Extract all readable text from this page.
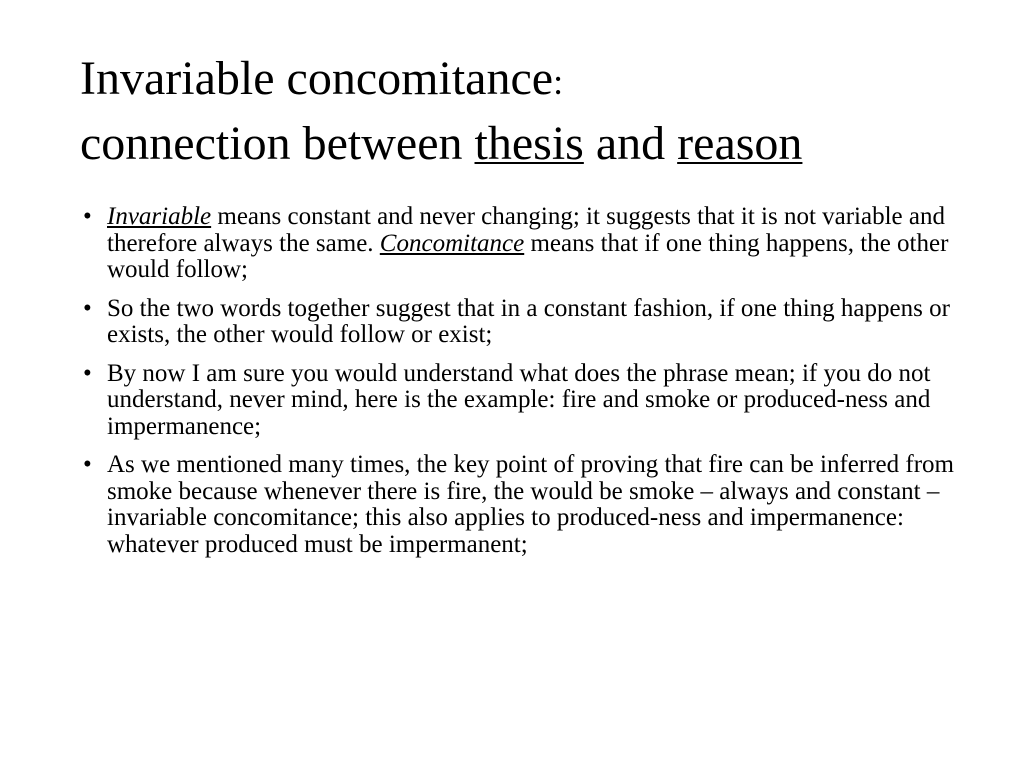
Invariable concomitance:
connection between thesis and reason
• Invariable means constant and never changing; it suggests that it is not variable and therefore always the same. Concomitance means that if one thing happens, the other would follow;
• So the two words together suggest that in a constant fashion, if one thing happens or exists, the other would follow or exist;
• By now I am sure you would understand what does the phrase mean; if you do not understand, never mind, here is the example: fire and smoke or produced-ness and impermanence;
• As we mentioned many times, the key point of proving that fire can be inferred from smoke because whenever there is fire, the would be smoke – always and constant – invariable concomitance; this also applies to produced-ness and impermanence: whatever produced must be impermanent;
